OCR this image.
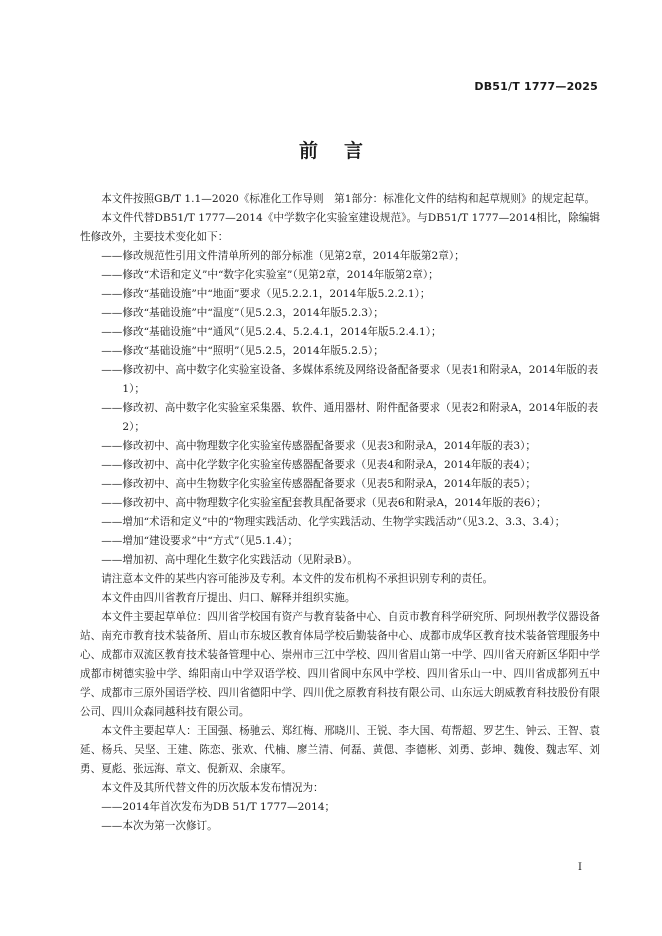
DB51/T 1777—2025
前言

本文件按照GB/T 1.1—2020《标准化工作导则　第1部分：标准化文件的结构和起草规则》的规定起草。

本文件代替DB51/T 1777—2014《中学数字化实验室建设规范》。与DB51/T 1777—2014相比，除编辑性修改外，主要技术变化如下：

——修改规范性引用文件清单所列的部分标准（见第2章，2014年版第2章）；

——修改“术语和定义”中“数字化实验室”（见第2章，2014年版第2章）；

——修改“基础设施”中“地面”要求（见5.2.2.1，2014年版5.2.2.1）；

——修改“基础设施”中“温度”（见5.2.3，2014年版5.2.3）；

——修改“基础设施”中“通风”（见5.2.4、5.2.4.1，2014年版5.2.4.1）；

——修改“基础设施”中“照明”（见5.2.5，2014年版5.2.5）；

——修改初中、高中数字化实验室设备、多媒体系统及网络设备配备要求（见表1和附录A，2014年版的表1）；

——修改初、高中数字化实验室采集器、软件、通用器材、附件配备要求（见表2和附录A，2014年版的表2）；

——修改初中、高中物理数字化实验室传感器配备要求（见表3和附录A，2014年版的表3）；

——修改初中、高中化学数字化实验室传感器配备要求（见表4和附录A，2014年版的表4）；

——修改初中、高中生物数字化实验室传感器配备要求（见表5和附录A，2014年版的表5）；

——修改初中、高中物理数字化实验室配套教具配备要求（见表6和附录A，2014年版的表6）；

——增加“术语和定义”中的“物理实践活动、化学实践活动、生物学实践活动”（见3.2、3.3、3.4）；

——增加“建设要求”中“方式”（见5.1.4）；

——增加初、高中理化生数字化实践活动（见附录B）。

请注意本文件的某些内容可能涉及专利。本文件的发布机构不承担识别专利的责任。

本文件由四川省教育厅提出、归口、解释并组织实施。

本文件主要起草单位：四川省学校国有资产与教育装备中心、自贡市教育科学研究所、阿坝州教学仪器设备站、南充市教育技术装备所、眉山市东坡区教育体局学校后勤装备中心、成都市成华区教育技术装备管理服务中心、成都市双流区教育技术装备管理中心、崇州市三江中学校、四川省眉山第一中学、四川省天府新区华阳中学成都市树德实验中学、绵阳南山中学双语学校、四川省阆中东风中学校、四川省乐山一中、四川省成都列五中学、成都市三原外国语学校、四川省德阳中学、四川优之原教育科技有限公司、山东远大朗威教育科技股份有限公司、四川众森同越科技有限公司。

本文件主要起草人：王国强、杨驰云、郑红梅、邢晓川、王锐、李大国、苟帮超、罗艺生、钟云、王智、袁延、杨兵、吴坚、王建、陈恋、张欢、代楠、廖兰清、何磊、黄偲、李德彬、刘勇、彭坤、魏俊、魏志军、刘勇、夏彪、张远海、章文、倪新双、余康军。

本文件及其所代替文件的历次版本发布情况为：

——2014年首次发布为DB 51/T 1777—2014；

——本次为第一次修订。

I
